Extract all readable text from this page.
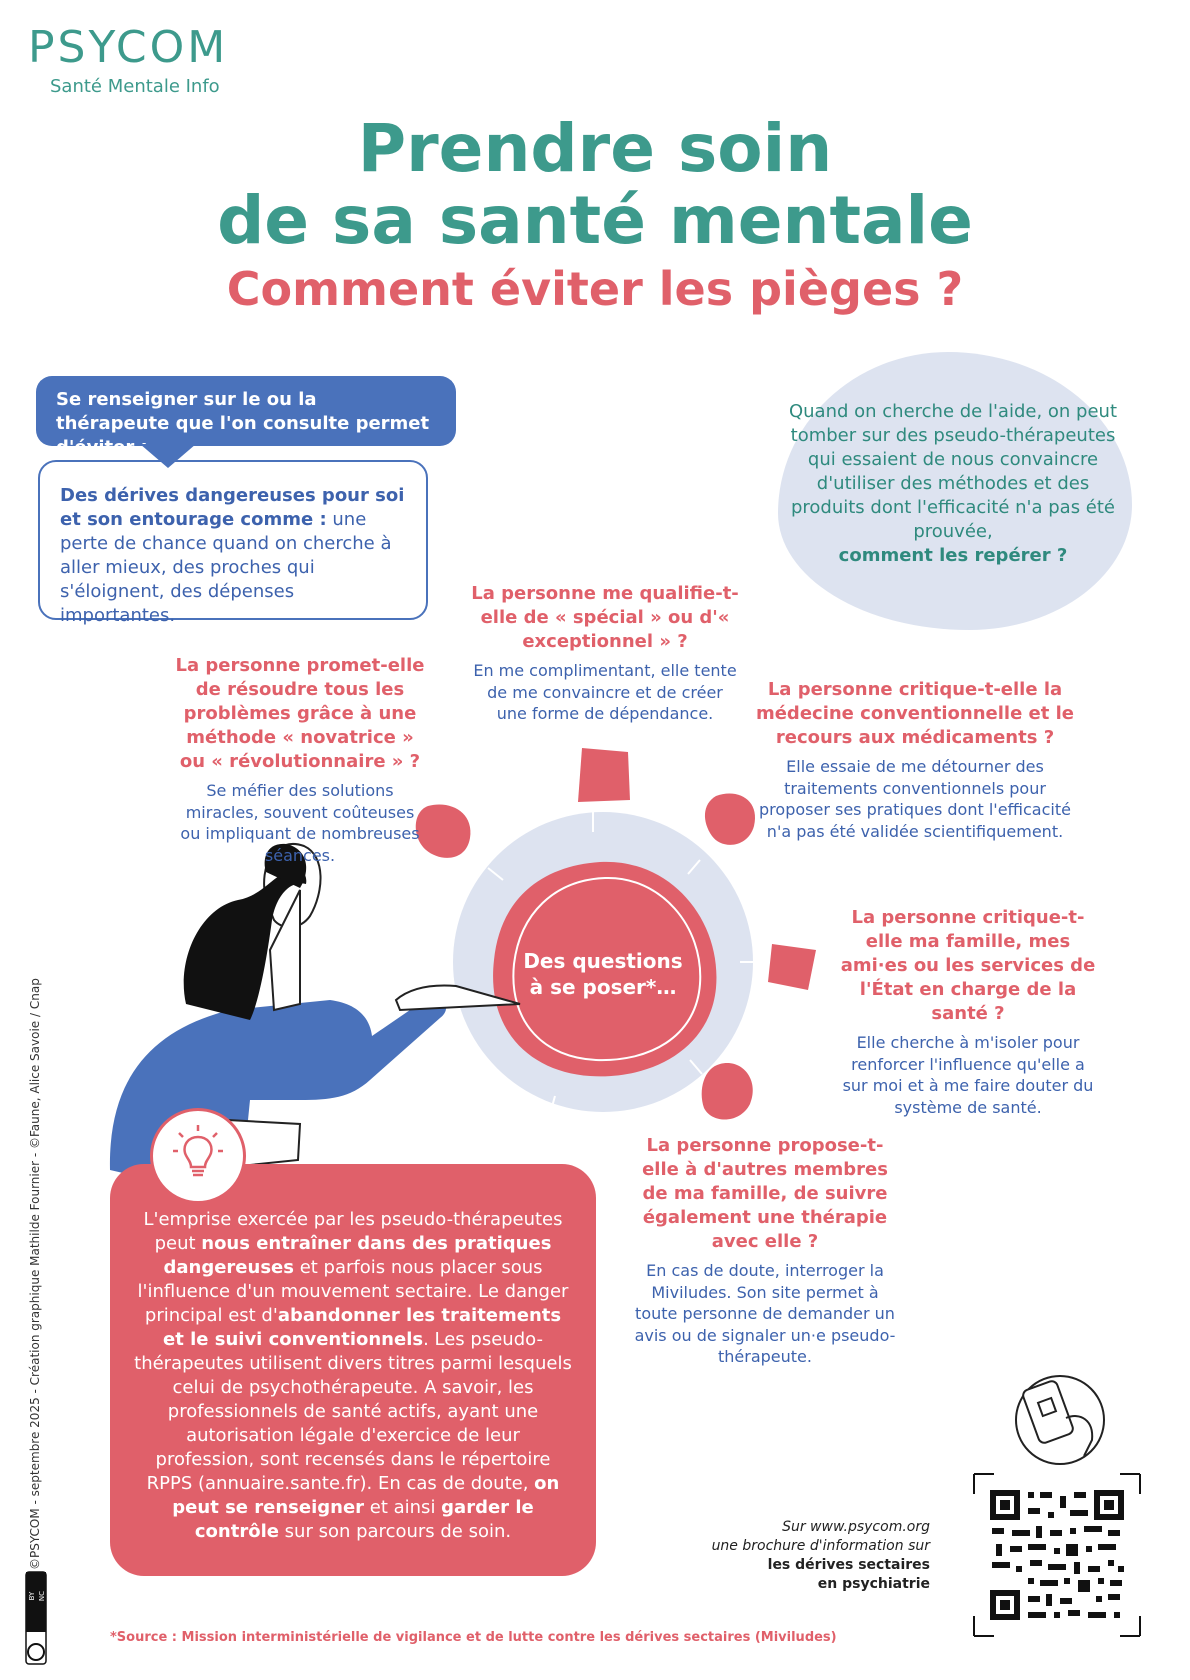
PSYCOM
Santé Mentale Info
Prendre soin
de sa santé mentale
Comment éviter les pièges ?
Se renseigner sur le ou la thérapeute que l'on consulte permet d'éviter :
Des dérives dangereuses pour soi et son entourage comme : une perte de chance quand on cherche à aller mieux, des proches qui s'éloignent, des dépenses importantes.
Quand on cherche de l'aide, on peut tomber sur des pseudo-thérapeutes qui essaient de nous convaincre d'utiliser des méthodes et des produits dont l'efficacité n'a pas été prouvée,
comment les repérer ?
Des questions à se poser*…
La personne me qualifie-t-elle de « spécial » ou d'« exceptionnel » ?
En me complimentant, elle tente de me convaincre et de créer une forme de dépendance.
La personne promet-elle de résoudre tous les problèmes grâce à une méthode « novatrice » ou « révolutionnaire » ?
Se méfier des solutions miracles, souvent coûteuses ou impliquant de nombreuses séances.
La personne critique-t-elle la médecine conventionnelle et le recours aux médicaments ?
Elle essaie de me détourner des traitements conventionnels pour proposer ses pratiques dont l'efficacité n'a pas été validée scientifiquement.
La personne critique-t-elle ma famille, mes ami·es ou les services de l'État en charge de la santé ?
Elle cherche à m'isoler pour renforcer l'influence qu'elle a sur moi et à me faire douter du système de santé.
La personne propose-t-elle à d'autres membres de ma famille, de suivre également une thérapie avec elle ?
En cas de doute, interroger la Miviludes. Son site permet à toute personne de demander un avis ou de signaler un·e pseudo-thérapeute.
L'emprise exercée par les pseudo-thérapeutes peut nous entraîner dans des pratiques dangereuses et parfois nous placer sous l'influence d'un mouvement sectaire. Le danger principal est d'abandonner les traitements et le suivi conventionnels. Les pseudo-thérapeutes utilisent divers titres parmi lesquels celui de psychothérapeute. A savoir, les professionnels de santé actifs, ayant une autorisation légale d'exercice de leur profession, sont recensés dans le répertoire RPPS (annuaire.sante.fr). En cas de doute, on peut se renseigner et ainsi garder le contrôle sur son parcours de soin.	Sur www.psycom.org
une brochure d'information sur
les dérives sectaires
en psychiatrie
©PSYCOM - septembre 2025 - Création graphique Mathilde Fournier - ©Faune, Alice Savoie / Cnap
cc BY NC ND
*Source : Mission interministérielle de vigilance et de lutte contre les dérives sectaires (Miviludes)
